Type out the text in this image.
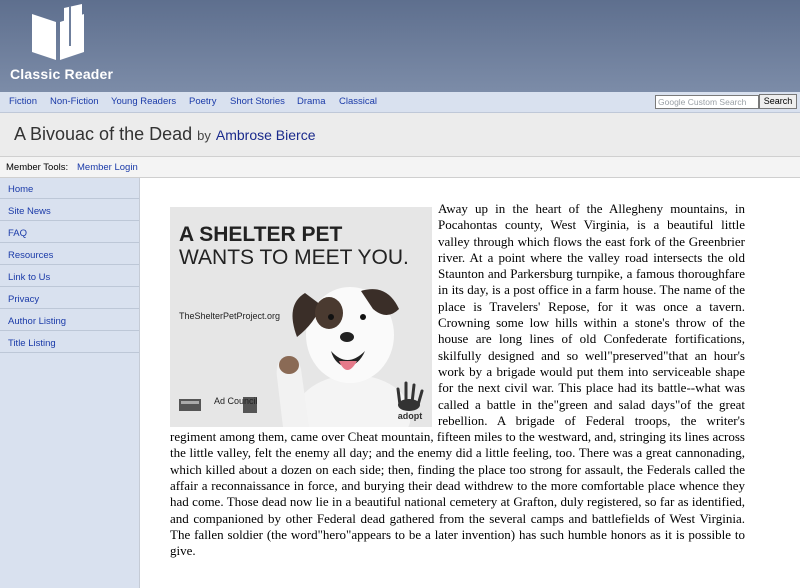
Classic Reader
Fiction Non-Fiction Young Readers Poetry Short Stories Drama Classical	Google Custom Search	Search
A Bivouac of the Dead by Ambrose Bierce
Member Tools: Member Login
Home
Site News
FAQ
Resources
Link to Us
Privacy
Author Listing
Title Listing
A SHELTER PET
WANTS TO MEET YOU.
TheShelterPetProject.org
adopt
Ad Council
Away up in the heart of the Allegheny mountains, in Pocahontas county, West Virginia, is a beautiful little valley through which flows the east fork of the Greenbrier river. At a point where the valley road intersects the old Staunton and Parkersburg turnpike, a famous thoroughfare in its day, is a post office in a farm house. The name of the place is Travelers' Repose, for it was once a tavern. Crowning some low hills within a stone's throw of the house are long lines of old Confederate fortifications, skilfully designed and so well"preserved"that an hour's work by a brigade would put them into serviceable shape for the next civil war. This place had its battle--what was called a battle in the"green and salad days"of the great rebellion. A brigade of Federal troops, the writer's regiment among them, came over Cheat mountain, fifteen miles to the westward, and, stringing its lines across the little valley, felt the enemy all day; and the enemy did a little feeling, too. There was a great cannonading, which killed about a dozen on each side; then, finding the place too strong for assault, the Federals called the affair a reconnaissance in force, and burying their dead withdrew to the more comfortable place whence they had come. Those dead now lie in a beautiful national cemetery at Grafton, duly registered, so far as identified, and companioned by other Federal dead gathered from the several camps and battlefields of West Virginia. The fallen soldier (the word"hero"appears to be a later invention) has such humble honors as it is possible to give.
